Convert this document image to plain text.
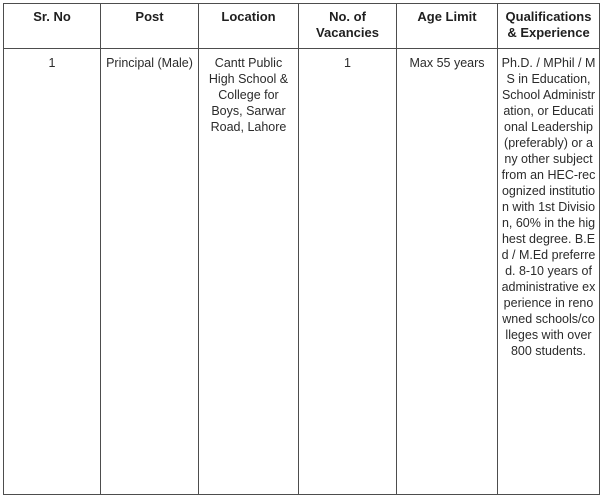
Sr. No	Post	Location	No. of Vacancies	Age Limit	Qualifications & Experience
1	Principal (Male)	Cantt Public High School & College for Boys, Sarwar Road, Lahore	1	Max 55 years	Ph.D. / MPhil / MS in Education, School Administration, or Educational Leadership (preferably) or any other subject from an HEC-recognized institution with 1st Division, 60% in the highest degree. B.Ed / M.Ed preferred. 8-10 years of administrative experience in renowned schools/colleges with over 800 students.
